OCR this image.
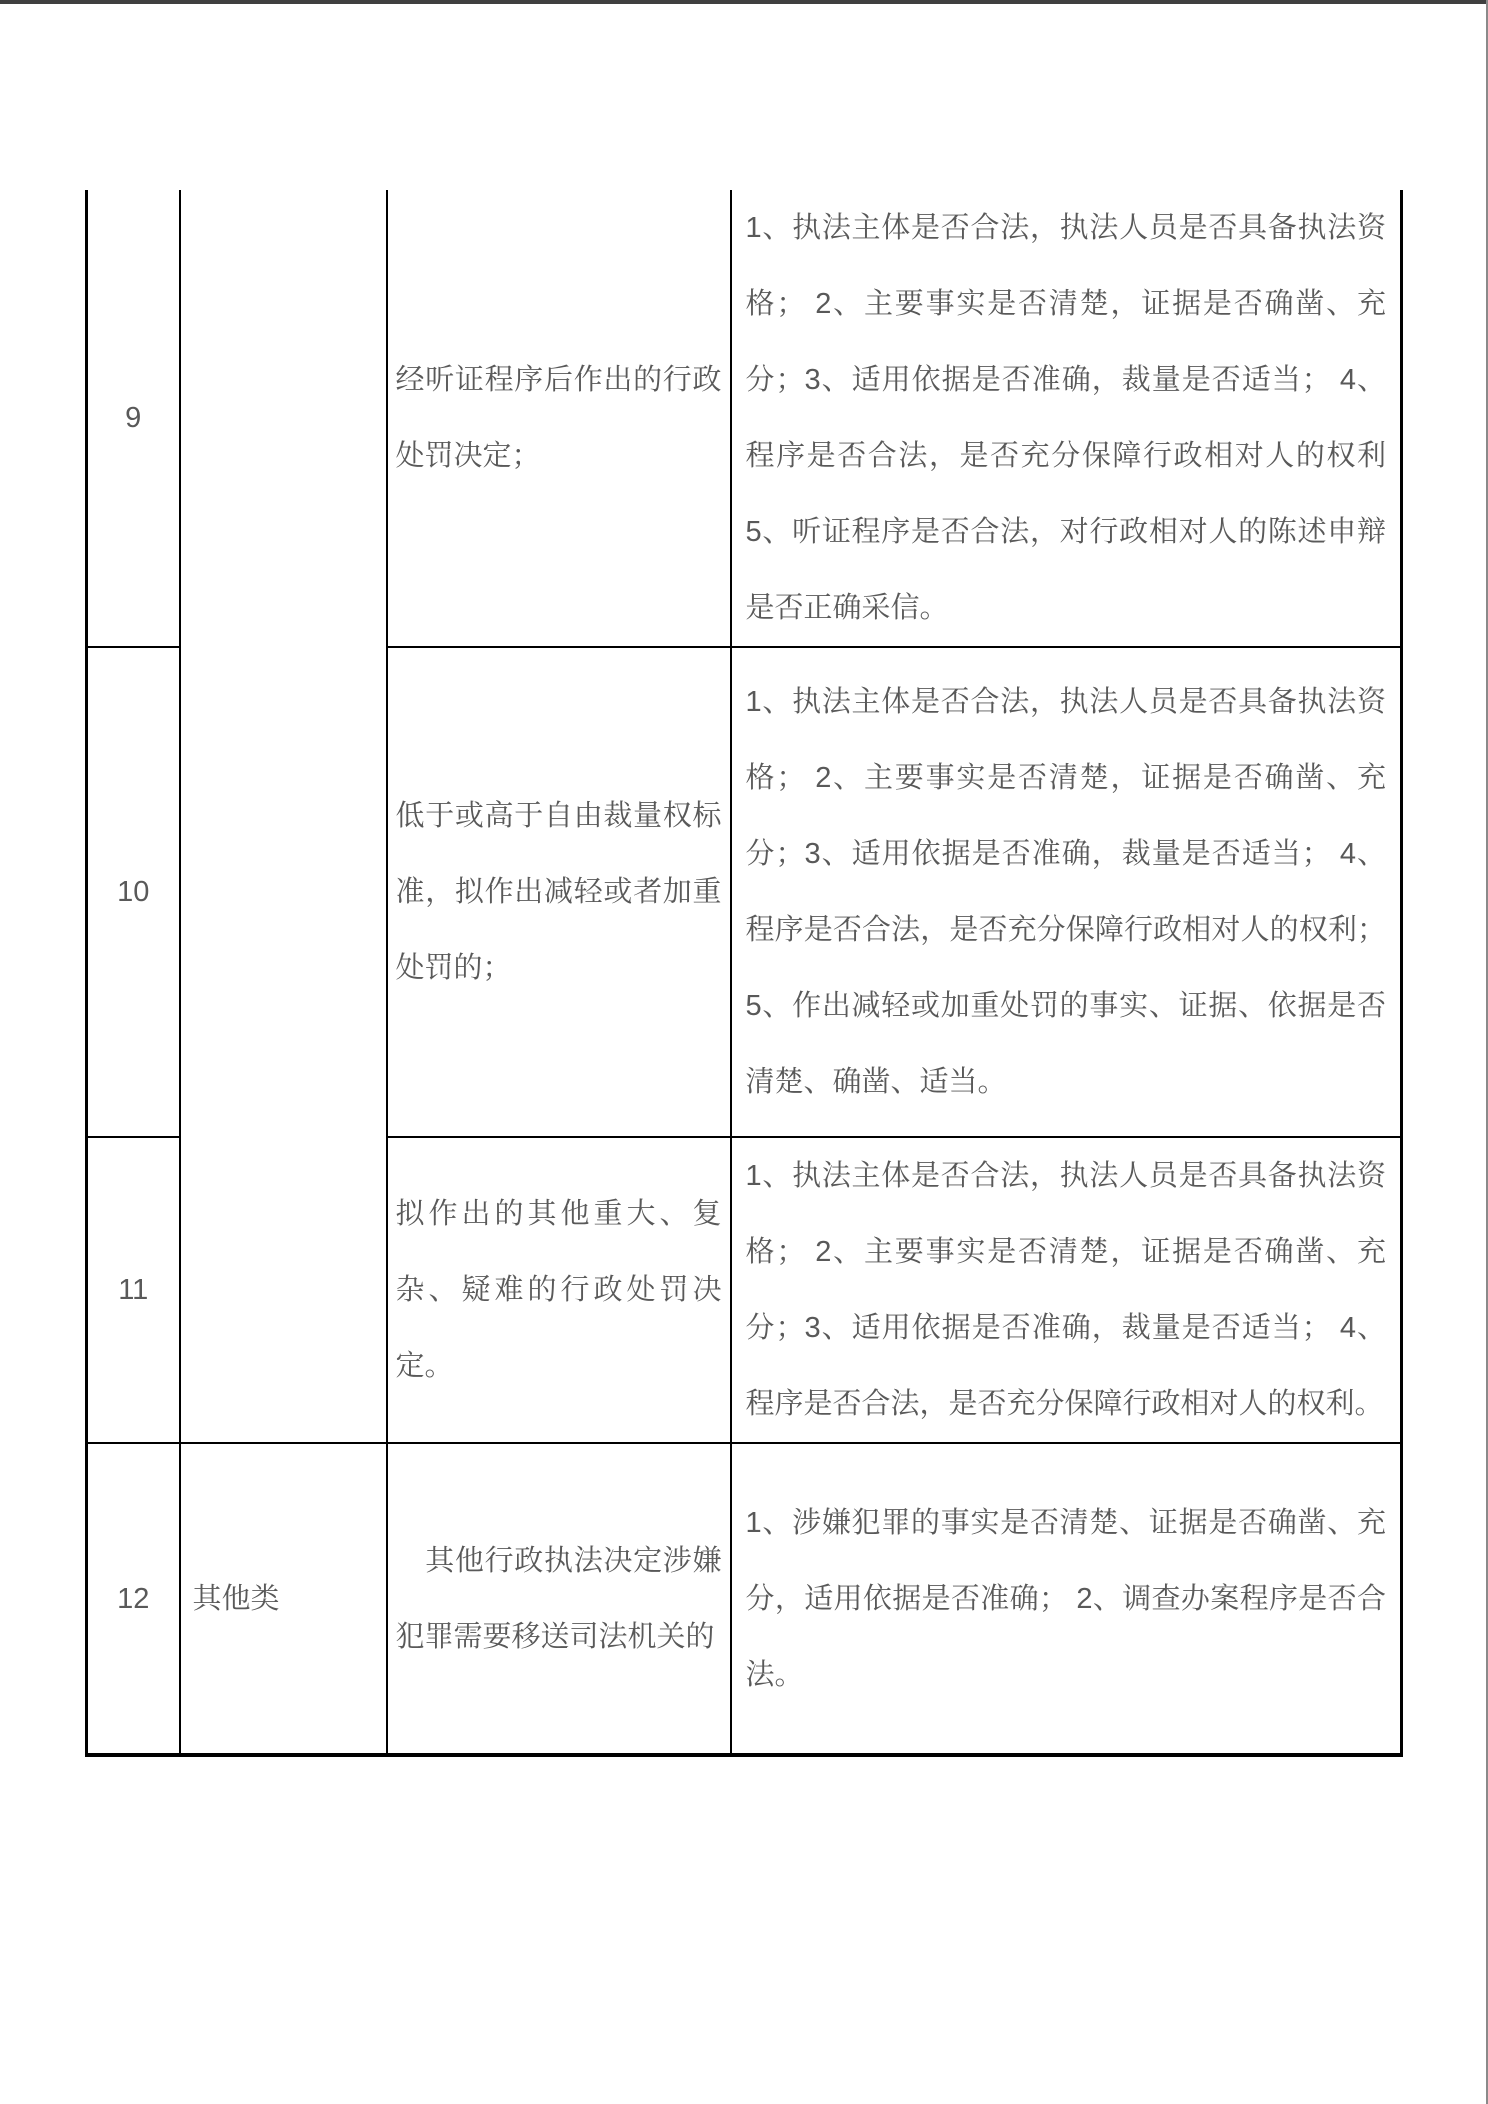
9		经听证程序后作出的行政处罚决定；	1、执法主体是否合法，执法人员是否具备执法资格； 2、主要事实是否清楚，证据是否确凿、充分；3、适用依据是否准确，裁量是否适当； 4、程序是否合法，是否充分保障行政相对人的权利 5、听证程序是否合法，对行政相对人的陈述申辩是否正确采信。
10		低于或高于自由裁量权标准，拟作出减轻或者加重处罚的；	1、执法主体是否合法，执法人员是否具备执法资格； 2、主要事实是否清楚，证据是否确凿、充分；3、适用依据是否准确，裁量是否适当； 4、程序是否合法，是否充分保障行政相对人的权利； 5、作出减轻或加重处罚的事实、证据、依据是否清楚、确凿、适当。
11		拟作出的其他重大、复杂、疑难的行政处罚决定。	1、执法主体是否合法，执法人员是否具备执法资格； 2、主要事实是否清楚，证据是否确凿、充分；3、适用依据是否准确，裁量是否适当； 4、程序是否合法，是否充分保障行政相对人的权利。
12	其他类	　其他行政执法决定涉嫌犯罪需要移送司法机关的	1、涉嫌犯罪的事实是否清楚、证据是否确凿、充分，适用依据是否准确； 2、调查办案程序是否合法。
